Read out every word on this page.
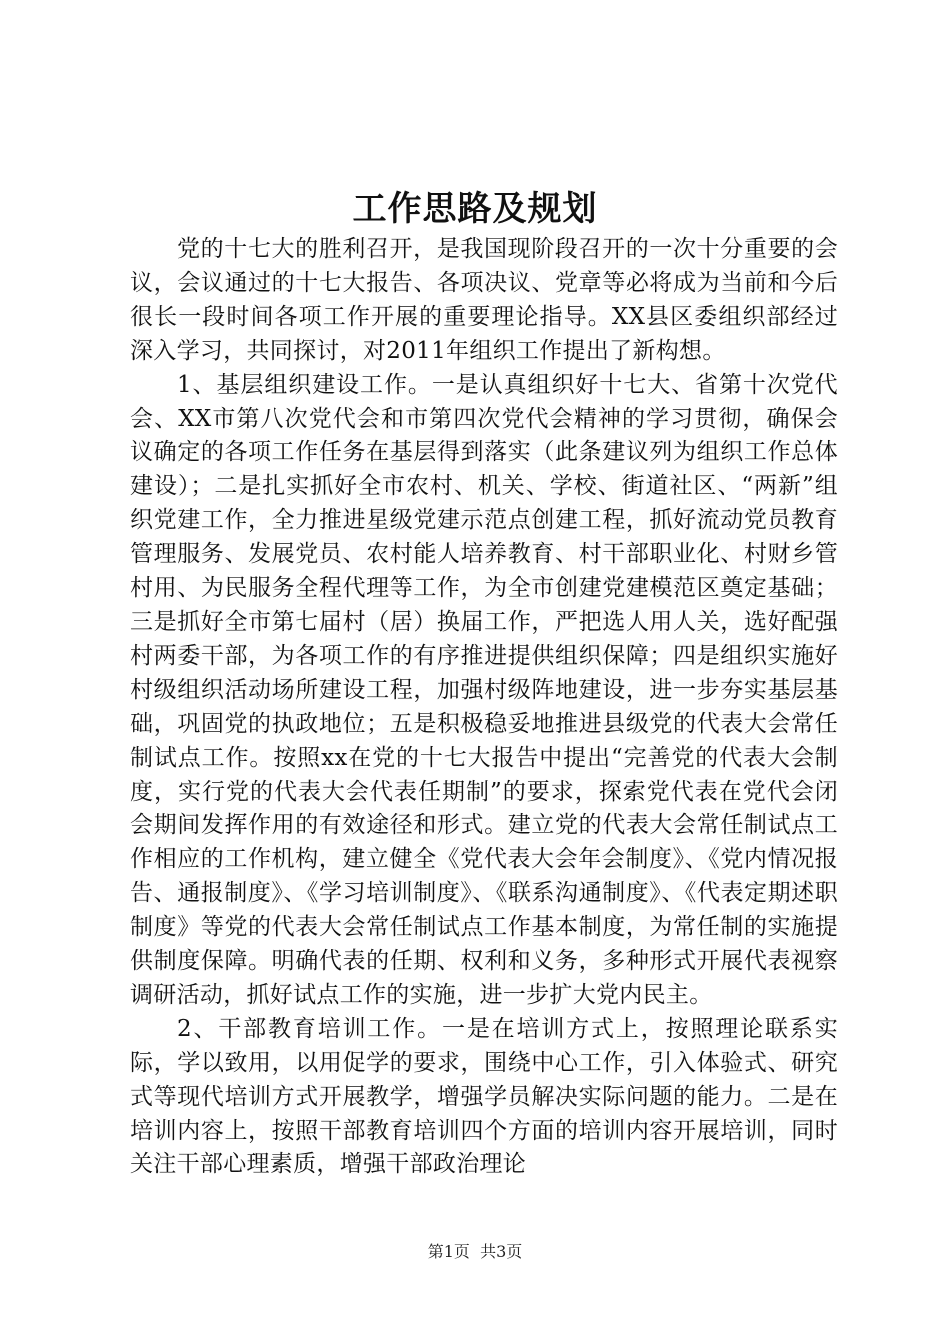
工作思路及规划

党的十七大的胜利召开，是我国现阶段召开的一次十分重要的会议，会议通过的十七大报告、各项决议、党章等必将成为当前和今后很长一段时间各项工作开展的重要理论指导。XX县区委组织部经过深入学习，共同探讨，对2011年组织工作提出了新构想。

1、基层组织建设工作。一是认真组织好十七大、省第十次党代会、XX市第八次党代会和市第四次党代会精神的学习贯彻，确保会议确定的各项工作任务在基层得到落实（此条建议列为组织工作总体建设）；二是扎实抓好全市农村、机关、学校、街道社区、“两新”组织党建工作，全力推进星级党建示范点创建工程，抓好流动党员教育管理服务、发展党员、农村能人培养教育、村干部职业化、村财乡管村用、为民服务全程代理等工作，为全市创建党建模范区奠定基础；三是抓好全市第七届村（居）换届工作，严把选人用人关，选好配强村两委干部，为各项工作的有序推进提供组织保障；四是组织实施好村级组织活动场所建设工程，加强村级阵地建设，进一步夯实基层基础，巩固党的执政地位；五是积极稳妥地推进县级党的代表大会常任制试点工作。按照xx在党的十七大报告中提出“完善党的代表大会制度，实行党的代表大会代表任期制”的要求，探索党代表在党代会闭会期间发挥作用的有效途径和形式。建立党的代表大会常任制试点工作相应的工作机构，建立健全《党代表大会年会制度》、《党内情况报告、通报制度》、《学习培训制度》、《联系沟通制度》、《代表定期述职制度》等党的代表大会常任制试点工作基本制度，为常任制的实施提供制度保障。明确代表的任期、权利和义务，多种形式开展代表视察调研活动，抓好试点工作的实施，进一步扩大党内民主。

2、干部教育培训工作。一是在培训方式上，按照理论联系实际，学以致用，以用促学的要求，围绕中心工作，引入体验式、研究式等现代培训方式开展教学，增强学员解决实际问题的能力。二是在培训内容上，按照干部教育培训四个方面的培训内容开展培训，同时关注干部心理素质，增强干部政治理论

第1页 共3页
